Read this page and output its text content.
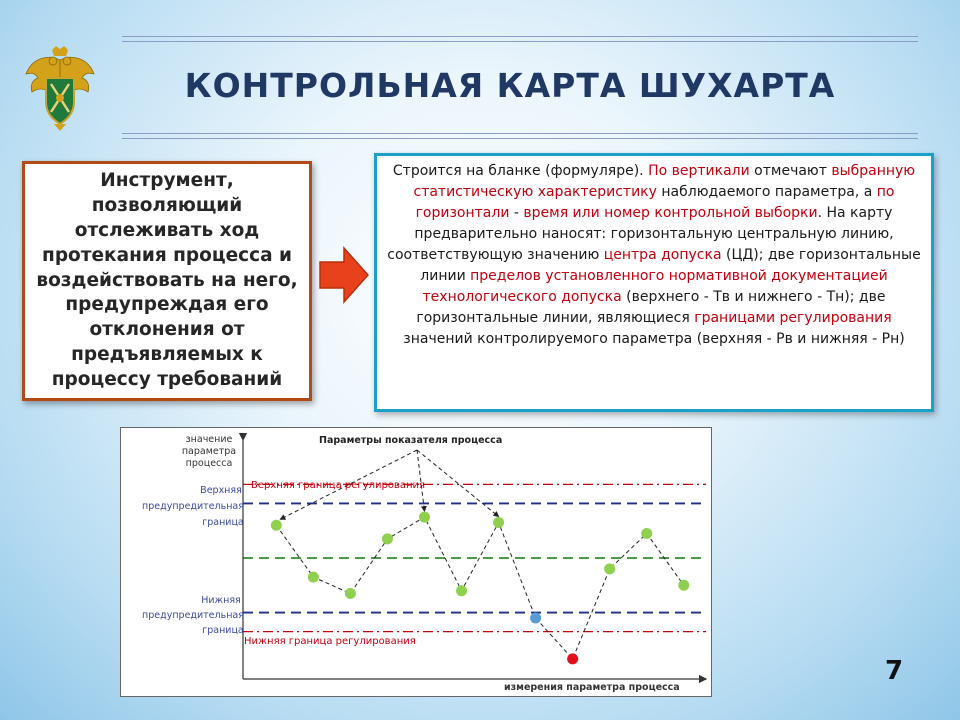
КОНТРОЛЬНАЯ КАРТА ШУХАРТА
Инструмент, позволяющий отслеживать ход протекания процесса и воздействовать на него, предупреждая его отклонения от предъявляемых к процессу требований
Строится на бланке (формуляре). По вертикали отмечают выбранную статистическую характеристику наблюдаемого параметра, а по горизонтали - время или номер контрольной выборки. На карту предварительно наносят: горизонтальную центральную линию, соответствующую значению центра допуска (ЦД); две горизонтальные линии пределов установленного нормативной документацией технологического допуска (верхнего - Тв и нижнего - Тн); две горизонтальные линии, являющиеся границами регулирования значений контролируемого параметра (верхняя - Рв и нижняя - Рн)
значение
параметра
процесса
Верхняя
предупредительная
граница
Нижняя
предупредительная
граница
Верхняя граница регулирования
Нижняя граница регулирования
Параметры показателя процесса
измерения параметра процесса
7
